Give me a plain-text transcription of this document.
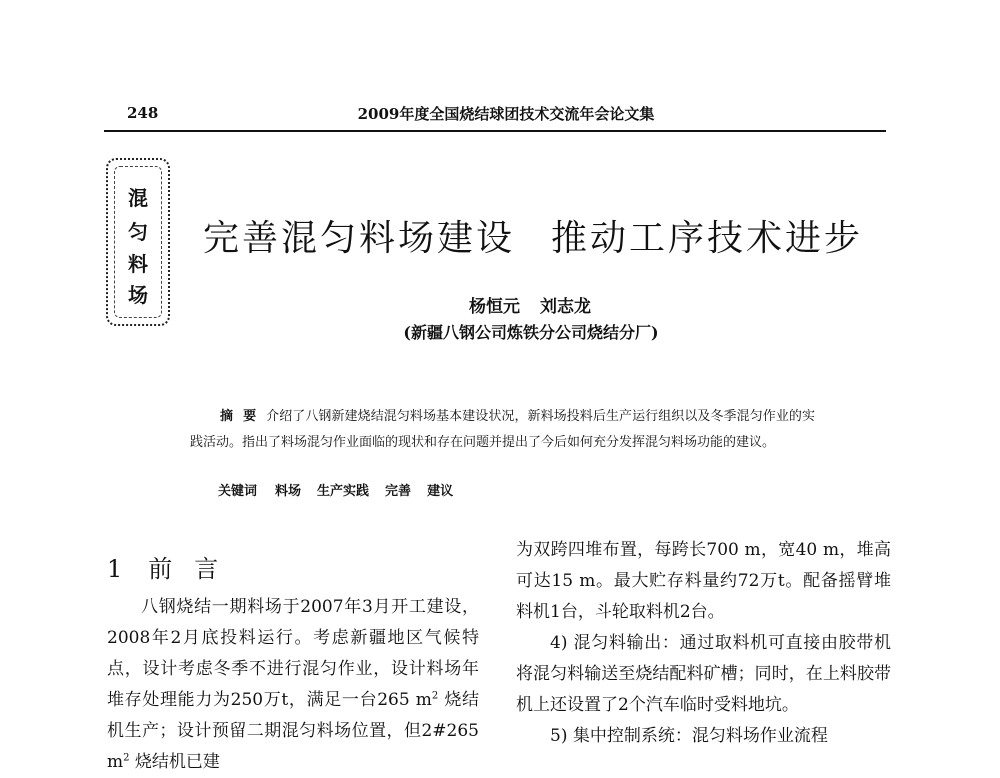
248	2009年度全国烧结球团技术交流年会论文集
混
匀
料
场
完善混匀料场建设 推动工序技术进步
杨恒元 刘志龙
(新疆八钢公司炼铁分公司烧结分厂)
摘要介绍了八钢新建烧结混匀料场基本建设状况，新料场投料后生产运行组织以及冬季混匀作业的实践活动。指出了料场混匀作业面临的现状和存在问题并提出了今后如何充分发挥混匀料场功能的建议。
关键词 料场 生产实践 完善 建议
1 前言

八钢烧结一期料场于2007年3月开工建设，2008年2月底投料运行。考虑新疆地区气候特点，设计考虑冬季不进行混匀作业，设计料场年堆存处理能力为250万t，满足一台265 $m^2$ 烧结机生产；设计预留二期混匀料场位置，但2#265 $m^2$ 烧结机已建

为双跨四堆布置，每跨长700 m，宽40 m，堆高可达15 m。最大贮存料量约72万t。配备摇臂堆料机1台，斗轮取料机2台。

4) 混匀料输出：通过取料机可直接由胶带机将混匀料输送至烧结配料矿槽；同时，在上料胶带机上还设置了2个汽车临时受料地坑。

5) 集中控制系统：混匀料场作业流程
